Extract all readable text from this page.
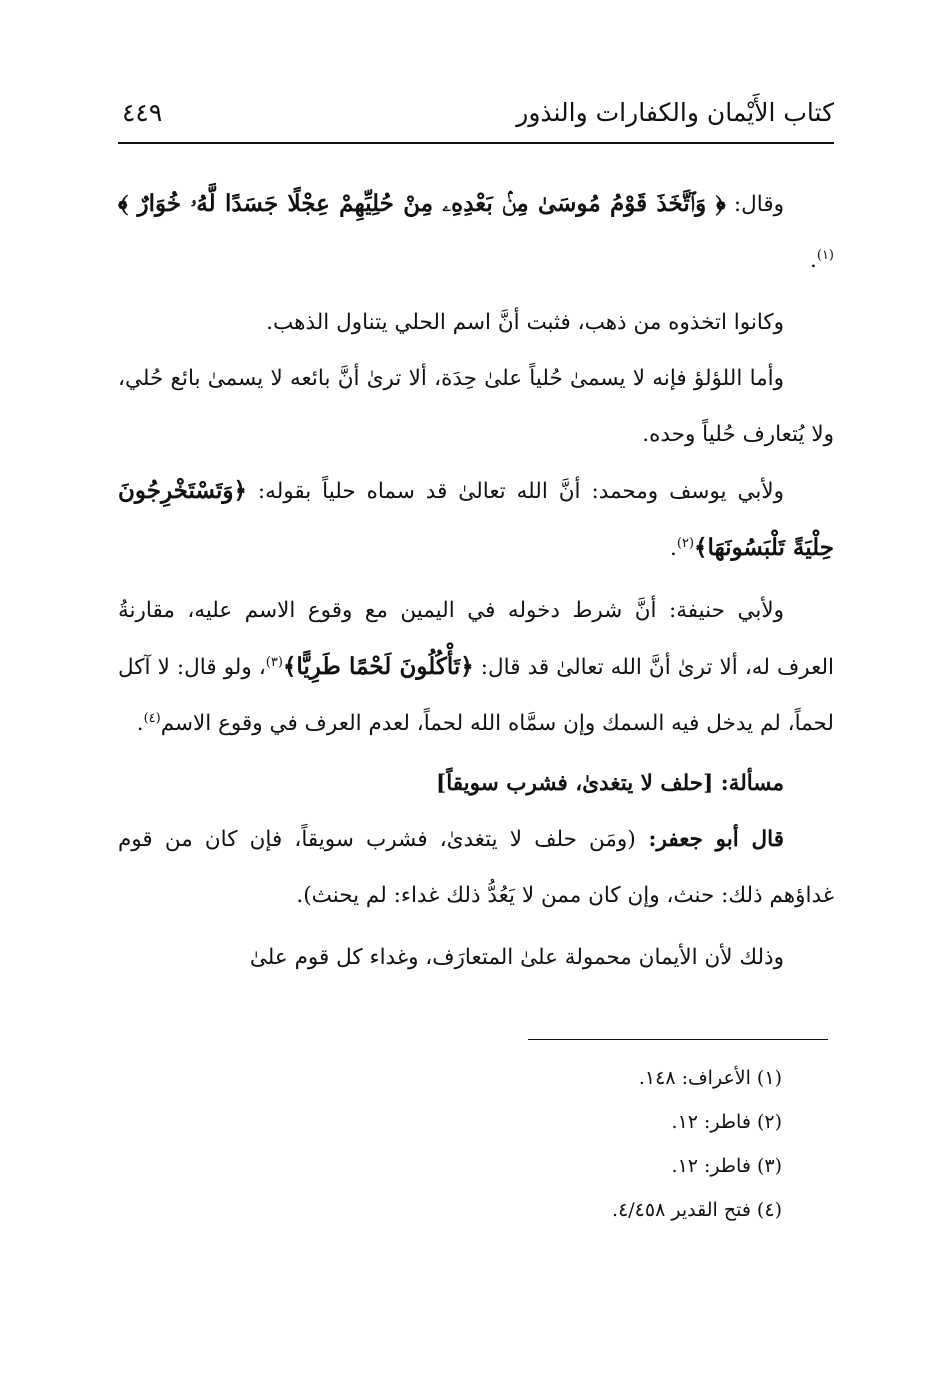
كتاب الأَيْمان والكفارات والنذور
٤٤٩

وقال: ﴿ وَٱتَّخَذَ قَوْمُ مُوسَىٰ مِنۢ بَعْدِهِۦ مِنْ حُلِيِّهِمْ عِجْلًا جَسَدًا لَّهُۥ خُوَارٌ ﴾$^{(١)}$.

وكانوا اتخذوه من ذهب، فثبت أنَّ اسم الحلي يتناول الذهب.

وأما اللؤلؤ فإنه لا يسمىٰ حُلياً علىٰ حِدَة، ألا ترىٰ أنَّ بائعه لا يسمىٰ بائع حُلي، ولا يُتعارف حُلياً وحده.

ولأبي يوسف ومحمد: أنَّ الله تعالىٰ قد سماه حلياً بقوله: ﴿وَتَسْتَخْرِجُونَ حِلْيَةً تَلْبَسُونَهَا﴾$^{(٢)}$.

ولأبي حنيفة: أنَّ شرط دخوله في اليمين مع وقوع الاسم عليه، مقارنةُ العرف له، ألا ترىٰ أنَّ الله تعالىٰ قد قال: ﴿تَأْكُلُونَ لَحْمًا طَرِيًّا﴾$^{(٣)}$، ولو قال: لا آكل لحماً، لم يدخل فيه السمك وإن سمَّاه الله لحماً، لعدم العرف في وقوع الاسم$^{(٤)}$.

مسألة: [حلف لا يتغدىٰ، فشرب سويقاً]

قال أبو جعفر: (ومَن حلف لا يتغدىٰ، فشرب سويقاً، فإن كان من قوم غداؤهم ذلك: حنث، وإن كان ممن لا يَعُدُّ ذلك غداء: لم يحنث).

وذلك لأن الأيمان محمولة علىٰ المتعارَف، وغداء كل قوم علىٰ

(١) الأعراف: ١٤٨.

(٢) فاطر: ١٢.

(٣) فاطر: ١٢.

(٤) فتح القدير ٤/٤٥٨.
